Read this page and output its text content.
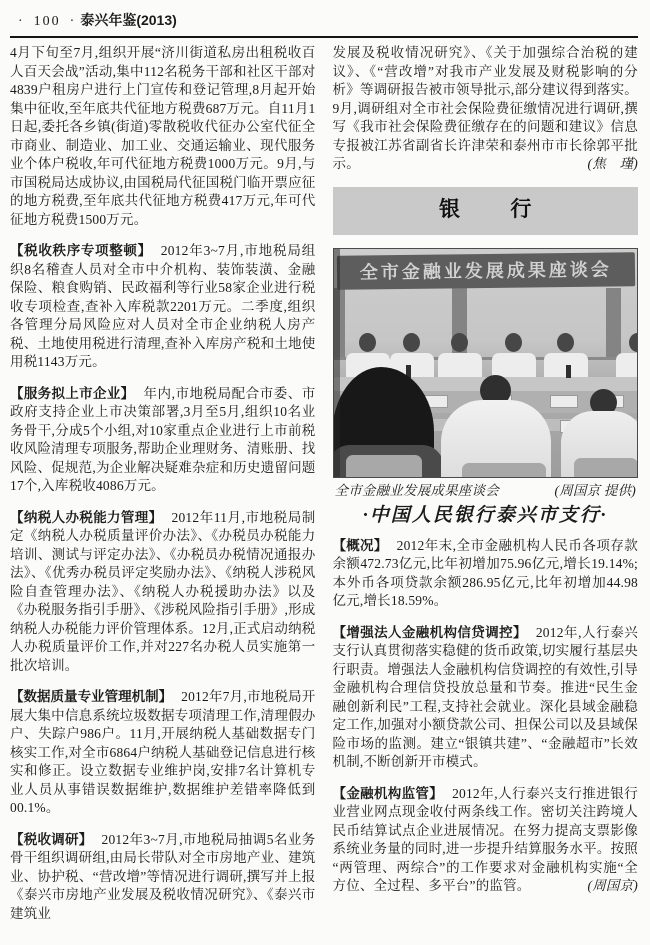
· 100 · 泰兴年鉴(2013)

4月下旬至7月,组织开展“济川街道私房出租税收百人百天会战”活动,集中112名税务干部和社区干部对4839户租房户进行上门宣传和登记管理,8月起开始集中征收,至年底共代征地方税费687万元。自11月1日起,委托各乡镇(街道)零散税收代征办公室代征全市商业、制造业、加工业、交通运输业、现代服务业个体户税收,年可代征地方税费1000万元。9月,与市国税局达成协议,由国税局代征国税门临开票应征的地方税费,至年底共代征地方税费417万元,年可代征地方税费1500万元。

【税收秩序专项整顿】 2012年3~7月,市地税局组织8名稽查人员对全市中介机构、装饰装潢、金融保险、粮食购销、民政福利等行业58家企业进行税收专项检查,查补入库税款2201万元。二季度,组织各管理分局风险应对人员对全市企业纳税人房产税、土地使用税进行清理,查补入库房产税和土地使用税1143万元。

【服务拟上市企业】 年内,市地税局配合市委、市政府支持企业上市决策部署,3月至5月,组织10名业务骨干,分成5个小组,对10家重点企业进行上市前税收风险清理专项服务,帮助企业理财务、清账册、找风险、促规范,为企业解决疑难杂症和历史遗留问题17个,入库税收4086万元。

【纳税人办税能力管理】 2012年11月,市地税局制定《纳税人办税质量评价办法》、《办税员办税能力培训、测试与评定办法》、《办税员办税情况通报办法》、《优秀办税员评定奖励办法》、《纳税人涉税风险自查管理办法》、《纳税人办税援助办法》以及《办税服务指引手册》、《涉税风险指引手册》,形成纳税人办税能力评价管理体系。12月,正式启动纳税人办税质量评价工作,并对227名办税人员实施第一批次培训。

【数据质量专业管理机制】 2012年7月,市地税局开展大集中信息系统垃圾数据专项清理工作,清理假办户、失踪户986户。11月,开展纳税人基础数据专门核实工作,对全市6864户纳税人基础登记信息进行核实和修正。设立数据专业维护岗,安排7名计算机专业人员从事错误数据维护,数据维护差错率降低到00.1%。

【税收调研】 2012年3~7月,市地税局抽调5名业务骨干组织调研组,由局长带队对全市房地产业、建筑业、协护税、“营改增”等情况进行调研,撰写并上报《泰兴市房地产业发展及税收情况研究》、《泰兴市建筑业

发展及税收情况研究》、《关于加强综合治税的建议》、《“营改增”对我市产业发展及财税影响的分析》等调研报告被市领导批示,部分建议得到落实。9月,调研组对全市社会保险费征缴情况进行调研,撰写《我市社会保险费征缴存在的问题和建议》信息专报被江苏省副省长许津荣和泰州市市长徐郭平批示。	(焦　瑾)

银行
全市金融业发展成果座谈会
全市金融业发展成果座谈会	(周国京 提供)
·中国人民银行泰兴市支行·

【概况】 2012年末,全市金融机构人民币各项存款余额472.73亿元,比年初增加75.96亿元,增长19.14%;本外币各项贷款余额286.95亿元,比年初增加44.98亿元,增长18.59%。

【增强法人金融机构信贷调控】 2012年,人行泰兴支行认真贯彻落实稳健的货币政策,切实履行基层央行职责。增强法人金融机构信贷调控的有效性,引导金融机构合理信贷投放总量和节奏。推进“民生金融创新利民”工程,支持社会就业。深化县域金融稳定工作,加强对小额贷款公司、担保公司以及县域保险市场的监测。建立“银镇共建”、“金融超市”长效机制,不断创新开市模式。

【金融机构监管】 2012年,人行泰兴支行推进银行业营业网点现金收付两条线工作。密切关注跨境人民币结算试点企业进展情况。在努力提高支票影像系统业务量的同时,进一步提升结算服务水平。按照“两管理、两综合”的工作要求对金融机构实施“全方位、全过程、多平台”的监管。	(周国京)
